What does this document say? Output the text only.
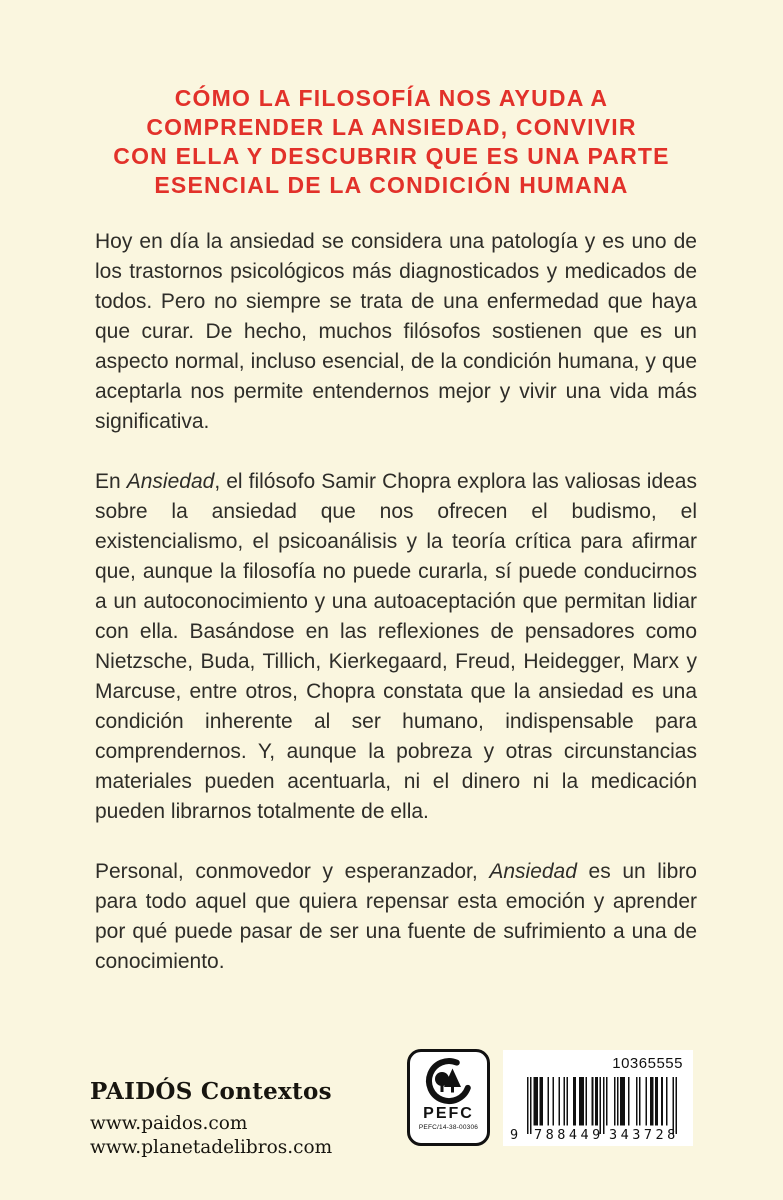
CÓMO LA FILOSOFÍA NOS AYUDA A
COMPRENDER LA ANSIEDAD, CONVIVIR
CON ELLA Y DESCUBRIR QUE ES UNA PARTE
ESENCIAL DE LA CONDICIÓN HUMANA

Hoy en día la ansiedad se considera una patología y es uno de los trastornos psicológicos más diagnosticados y medicados de todos. Pero no siempre se trata de una enfermedad que haya que curar. De hecho, muchos filósofos sostienen que es un aspecto normal, incluso esencial, de la condición humana, y que aceptarla nos permite entendernos mejor y vivir una vida más significativa.

En Ansiedad, el filósofo Samir Chopra explora las valiosas ideas sobre la ansiedad que nos ofrecen el budismo, el existencialismo, el psicoanálisis y la teoría crítica para afirmar que, aunque la filosofía no puede curarla, sí puede conducirnos a un autoconocimiento y una autoaceptación que permitan lidiar con ella. Basándose en las reflexiones de pensadores como Nietzsche, Buda, Tillich, Kierkegaard, Freud, Heidegger, Marx y Marcuse, entre otros, Chopra constata que la ansiedad es una condición inherente al ser humano, indispensable para comprendernos. Y, aunque la pobreza y otras circunstancias materiales pueden acentuarla, ni el dinero ni la medicación pueden librarnos totalmente de ella.

Personal, conmovedor y esperanzador, Ansiedad es un libro para todo aquel que quiera repensar esta emoción y aprender por qué puede pasar de ser una fuente de sufrimiento a una de conocimiento.

PAIDÓS Contextos
www.paidos.com
www.planetadelibros.com
PEFC
PEFC/14-38-00306
10365555
9 788449 343728
